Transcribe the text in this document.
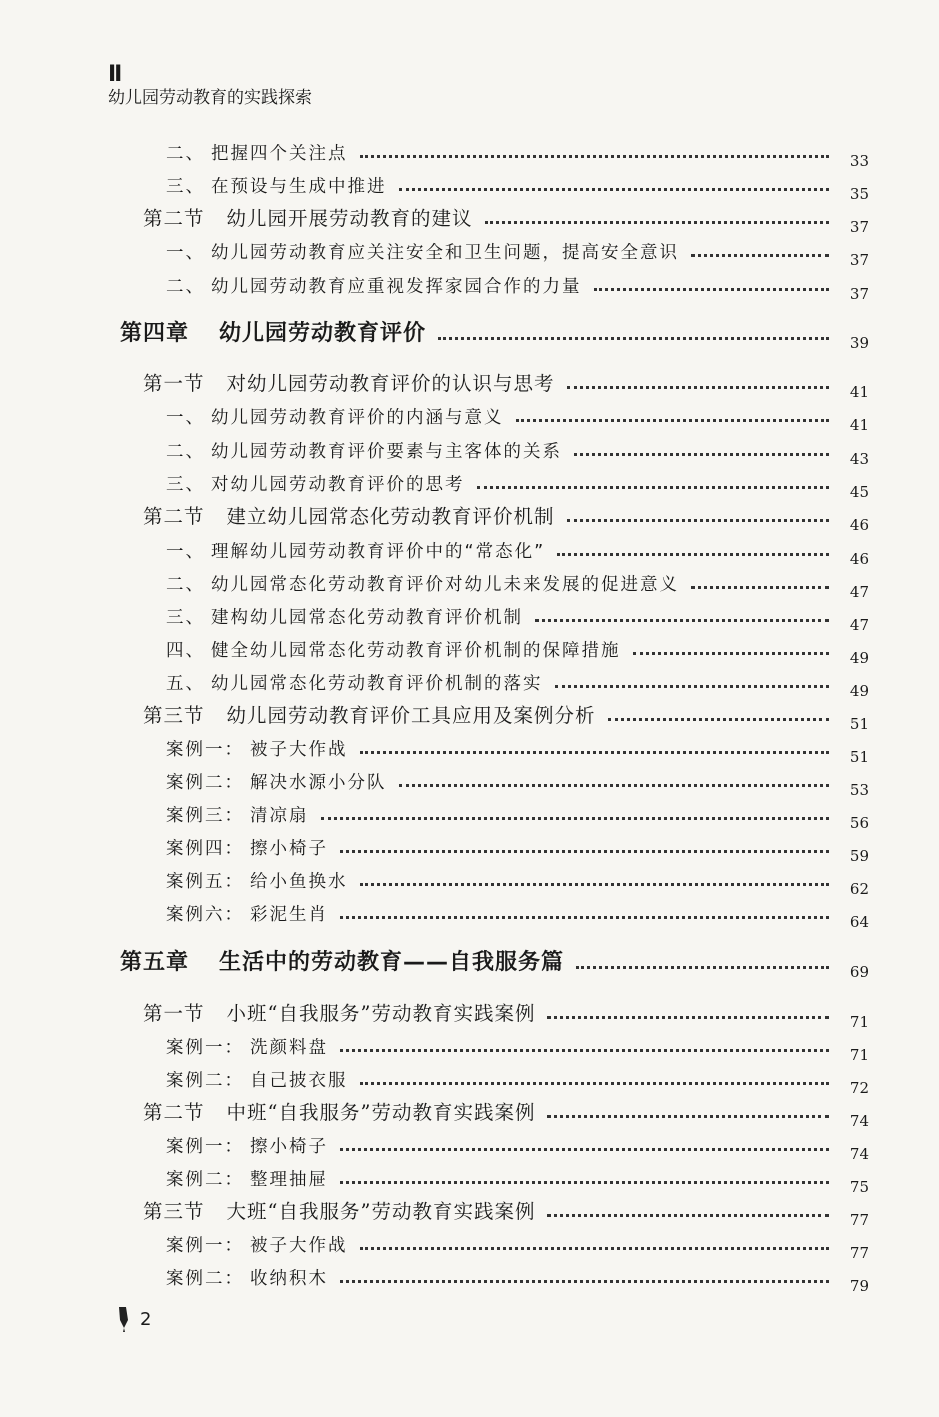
II
幼儿园劳动教育的实践探索
二、 把握四个关注点	33
三、 在预设与生成中推进	35
第二节 幼儿园开展劳动教育的建议	37
一、 幼儿园劳动教育应关注安全和卫生问题，提高安全意识	37
二、 幼儿园劳动教育应重视发挥家园合作的力量	37
第四章 幼儿园劳动教育评价	39
第一节 对幼儿园劳动教育评价的认识与思考	41
一、 幼儿园劳动教育评价的内涵与意义	41
二、 幼儿园劳动教育评价要素与主客体的关系	43
三、 对幼儿园劳动教育评价的思考	45
第二节 建立幼儿园常态化劳动教育评价机制	46
一、 理解幼儿园劳动教育评价中的“常态化”	46
二、 幼儿园常态化劳动教育评价对幼儿未来发展的促进意义	47
三、 建构幼儿园常态化劳动教育评价机制	47
四、 健全幼儿园常态化劳动教育评价机制的保障措施	49
五、 幼儿园常态化劳动教育评价机制的落实	49
第三节 幼儿园劳动教育评价工具应用及案例分析	51
案例一： 被子大作战	51
案例二： 解决水源小分队	53
案例三： 清凉扇	56
案例四： 擦小椅子	59
案例五： 给小鱼换水	62
案例六： 彩泥生肖	64
第五章 生活中的劳动教育——自我服务篇	69
第一节 小班“自我服务”劳动教育实践案例	71
案例一： 洗颜料盘	71
案例二： 自己披衣服	72
第二节 中班“自我服务”劳动教育实践案例	74
案例一： 擦小椅子	74
案例二： 整理抽屉	75
第三节 大班“自我服务”劳动教育实践案例	77
案例一： 被子大作战	77
案例二： 收纳积木	79
2
